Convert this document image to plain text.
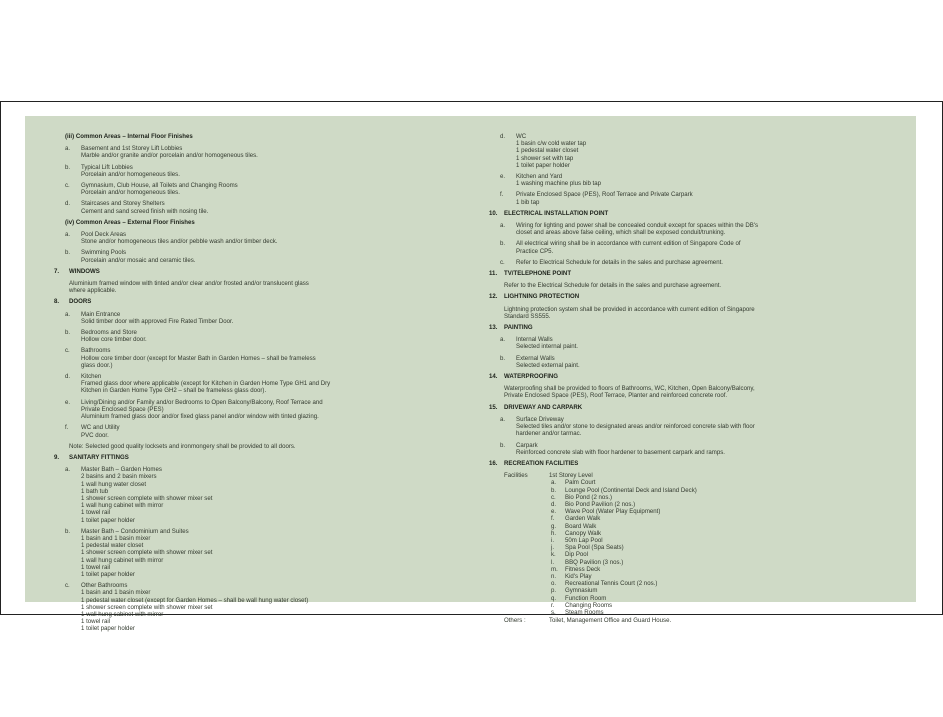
(iii) Common Areas – Internal Floor Finishes
a.	Basement and 1st Storey Lift Lobbies
Marble and/or granite and/or porcelain and/or homogeneous tiles.
b.	Typical Lift Lobbies
Porcelain and/or homogeneous tiles.
c.	Gymnasium, Club House, all Toilets and Changing Rooms
Porcelain and/or homogeneous tiles.
d.	Staircases and Storey Shelters
Cement and sand screed finish with nosing tile.
(iv) Common Areas – External Floor Finishes
a.	Pool Deck Areas
Stone and/or homogeneous tiles and/or pebble wash and/or timber deck.
b.	Swimming Pools
Porcelain and/or mosaic and ceramic tiles.
7.	WINDOWS
Aluminium framed window with tinted and/or clear and/or frosted and/or translucent glass
where applicable.
8.	DOORS
a.	Main Entrance
Solid timber door with approved Fire Rated Timber Door.
b.	Bedrooms and Store
Hollow core timber door.
c.	Bathrooms
Hollow core timber door (except for Master Bath in Garden Homes – shall be frameless
glass door.)
d.	Kitchen
Framed glass door where applicable (except for Kitchen in Garden Home Type GH1 and Dry
Kitchen in Garden Home Type GH2 – shall be frameless glass door).
e.	Living/Dining and/or Family and/or Bedrooms to Open Balcony/Balcony, Roof Terrace and
Private Enclosed Space (PES)
Aluminium framed glass door and/or fixed glass panel and/or window with tinted glazing.
f.	WC and Utility
PVC door.
Note: Selected good quality locksets and ironmongery shall be provided to all doors.
9.	SANITARY FITTINGS
a.	Master Bath – Garden Homes
2 basins and 2 basin mixers
1 wall hung water closet
1 bath tub
1 shower screen complete with shower mixer set
1 wall hung cabinet with mirror
1 towel rail
1 toilet paper holder
b.	Master Bath – Condominium and Suites
1 basin and 1 basin mixer
1 pedestal water closet
1 shower screen complete with shower mixer set
1 wall hung cabinet with mirror
1 towel rail
1 toilet paper holder
c.	Other Bathrooms
1 basin and 1 basin mixer
1 pedestal water closet (except for Garden Homes – shall be wall hung water closet)
1 shower screen complete with shower mixer set
1 wall hung cabinet with mirror
1 towel rail
1 toilet paper holder
d.	WC
1 basin c/w cold water tap
1 pedestal water closet
1 shower set with tap
1 toilet paper holder
e.	Kitchen and Yard
1 washing machine plus bib tap
f.	Private Enclosed Space (PES), Roof Terrace and Private Carpark
1 bib tap
10.	ELECTRICAL INSTALLATION POINT
a.	Wiring for lighting and power shall be concealed conduit except for spaces within the DB's
closet and areas above false ceiling, which shall be exposed conduit/trunking.
b.	All electrical wiring shall be in accordance with current edition of Singapore Code of
Practice CP5.
c.	Refer to Electrical Schedule for details in the sales and purchase agreement.
11.	TV/TELEPHONE POINT
Refer to the Electrical Schedule for details in the sales and purchase agreement.
12.	LIGHTNING PROTECTION
Lightning protection system shall be provided in accordance with current edition of Singapore
Standard SS555.
13.	PAINTING
a.	Internal Walls
Selected internal paint.
b.	External Walls
Selected external paint.
14.	WATERPROOFING
Waterproofing shall be provided to floors of Bathrooms, WC, Kitchen, Open Balcony/Balcony,
Private Enclosed Space (PES), Roof Terrace, Planter and reinforced concrete roof.
15.	DRIVEWAY AND CARPARK
a.	Surface Driveway
Selected tiles and/or stone to designated areas and/or reinforced concrete slab with floor
hardener and/or tarmac.
b.	Carpark
Reinforced concrete slab with floor hardener to basement carpark and ramps.
16.	RECREATION FACILITIES
Facilities	1st Storey Level
a.	Palm Court
b.	Lounge Pool (Continental Deck and Island Deck)
c.	Bio Pond (2 nos.)
d.	Bio Pond Pavilion (2 nos.)
e.	Wave Pool (Water Play Equipment)
f.	Garden Walk
g.	Board Walk
h.	Canopy Walk
i.	50m Lap Pool
j.	Spa Pool (Spa Seats)
k.	Dip Pool
l.	BBQ Pavilion (3 nos.)
m.	Fitness Deck
n.	Kid's Play
o.	Recreational Tennis Court (2 nos.)
p.	Gymnasium
q.	Function Room
r.	Changing Rooms
s.	Steam Rooms
Others :	Toilet, Management Office and Guard House.
